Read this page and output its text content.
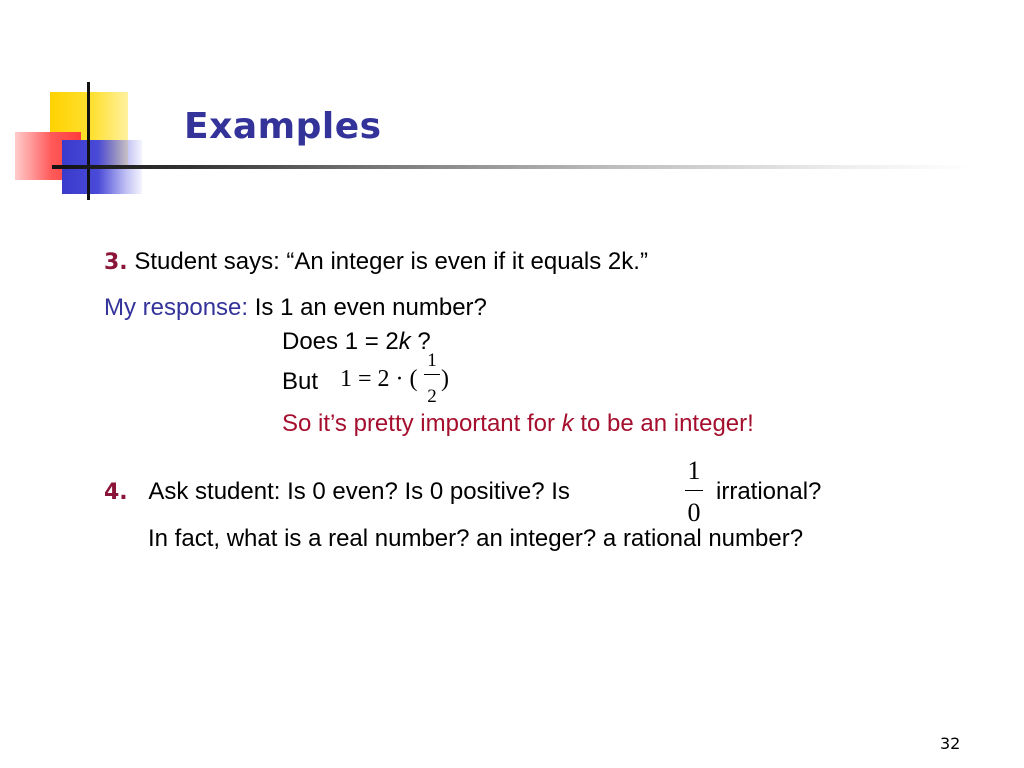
Examples
3. Student says: “An integer is even if it equals 2k.”
My response: Is 1 an even number?
Does 1 = 2k ?
But 1 = 2 · (
1
2
)
So it’s pretty important for k to be an integer!
4. Ask student: Is 0 even? Is 0 positive? Is
1
0
irrational?
In fact, what is a real number? an integer? a rational number?
32
